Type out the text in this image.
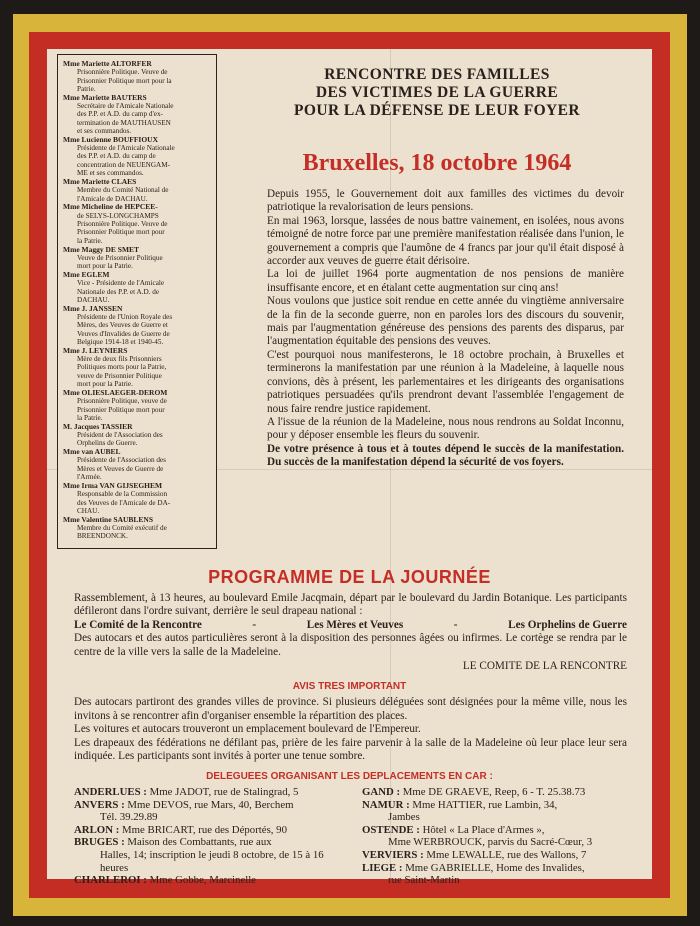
Mme Mariette ALTORFER
Prisonnière Politique. Veuve de
Prisonnier Politique mort pour la
Patrie.
Mme Mariette BAUTERS
Secrétaire de l'Amicale Nationale
des P.P. et A.D. du camp d'ex-
termination de MAUTHAUSEN
et ses commandos.
Mme Lucienne BOUFFIOUX
Présidente de l'Amicale Nationale
des P.P. et A.D. du camp de
concentration de NEUENGAM-
ME et ses commandos.
Mme Mariette CLAES
Membre du Comité National de
l'Amicale de DACHAU.
Mme Micheline de HEPCEE-
de SELYS-LONGCHAMPS
Prisonnière Politique. Veuve de
Prisonnier Politique mort pour
la Patrie.
Mme Maggy DE SMET
Veuve de Prisonnier Politique
mort pour la Patrie.
Mme EGLEM
Vice - Présidente de l'Amicale
Nationale des P.P. et A.D. de
DACHAU.
Mme J. JANSSEN
Présidente de l'Union Royale des
Mères, des Veuves de Guerre et
Veuves d'Invalides de Guerre de
Belgique 1914-18 et 1940-45.
Mme J. LEYNIERS
Mère de deux fils Prisonniers
Politiques morts pour la Patrie,
veuve de Prisonnier Politique
mort pour la Patrie.
Mme OLIESLAEGER-DEROM
Prisonnière Politique, veuve de
Prisonnier Politique mort pour
la Patrie.
M. Jacques TASSIER
Président de l'Association des
Orphelins de Guerre.
Mme van AUBEL
Présidente de l'Association des
Mères et Veuves de Guerre de
l'Armée.
Mme Irma VAN GIJSEGHEM
Responsable de la Commission
des Veuves de l'Amicale de DA-
CHAU.
Mme Valentine SAUBLENS
Membre du Comité exécutif de
BREENDONCK.
RENCONTRE DES FAMILLES
DES VICTIMES DE LA GUERRE
POUR LA DÉFENSE DE LEUR FOYER
Bruxelles, 18 octobre 1964

Depuis 1955, le Gouvernement doit aux familles des victimes du devoir patriotique la revalorisation de leurs pensions.

En mai 1963, lorsque, lassées de nous battre vainement, en isolées, nous avons témoigné de notre force par une première manifestation réalisée dans l'union, le gouvernement a compris que l'aumône de 4 francs par jour qu'il était disposé à accorder aux veuves de guerre était dérisoire.

La loi de juillet 1964 porte augmentation de nos pensions de manière insuffisante encore, et en étalant cette augmentation sur cinq ans!

Nous voulons que justice soit rendue en cette année du vingtième anniversaire de la fin de la seconde guerre, non en paroles lors des discours du souvenir, mais par l'augmentation généreuse des pensions des parents des disparus, par l'augmentation équitable des pensions des veuves.

C'est pourquoi nous manifesterons, le 18 octobre prochain, à Bruxelles et terminerons la manifestation par une réunion à la Madeleine, à laquelle nous convions, dès à présent, les parlementaires et les dirigeants des organisations patriotiques persuadées qu'ils prendront devant l'assemblée l'engagement de nous faire rendre justice rapidement.

A l'issue de la réunion de la Madeleine, nous nous rendrons au Soldat Inconnu, pour y déposer ensemble les fleurs du souvenir.

De votre présence à tous et à toutes dépend le succès de la manifestation. Du succès de la manifestation dépend la sécurité de vos foyers.

PROGRAMME DE LA JOURNÉE

Rassemblement, à 13 heures, au boulevard Emile Jacqmain, départ par le boulevard du Jardin Botanique. Les participants défileront dans l'ordre suivant, derrière le seul drapeau national :

Le Comité de la Rencontre	-	Les Mères et Veuves	-	Les Orphelins de Guerre

Des autocars et des autos particulières seront à la disposition des personnes âgées ou infirmes. Le cortège se rendra par le centre de la ville vers la salle de la Madeleine.

LE COMITE DE LA RENCONTRE

AVIS TRES IMPORTANT

Des autocars partiront des grandes villes de province. Si plusieurs déléguées sont désignées pour la même ville, nous les invitons à se rencontrer afin d'organiser ensemble la répartition des places.

Les voitures et autocars trouveront un emplacement boulevard de l'Empereur.

Les drapeaux des fédérations ne défilant pas, prière de les faire parvenir à la salle de la Madeleine où leur place leur sera indiquée. Les participants sont invités à porter une tenue sombre.

DELEGUEES ORGANISANT LES DEPLACEMENTS EN CAR :
ANDERLUES : Mme JADOT, rue de Stalingrad, 5
ANVERS : Mme DEVOS, rue Mars, 40, Berchem
Tél. 39.29.89
ARLON : Mme BRICART, rue des Déportés, 90
BRUGES : Maison des Combattants, rue aux
Halles, 14; inscription le jeudi 8 octobre, de 15 à 16 heures
CHARLEROI : Mme Gobbe, Marcinelle
GAND : Mme DE GRAEVE, Reep, 6 - T. 25.38.73
NAMUR : Mme HATTIER, rue Lambin, 34,
Jambes
OSTENDE : Hôtel « La Place d'Armes »,
Mme WERBROUCK, parvis du Sacré-Cœur, 3
VERVIERS : Mme LEWALLE, rue des Wallons, 7
LIEGE : Mme GABRIELLE, Home des Invalides,
rue Saint-Martin
